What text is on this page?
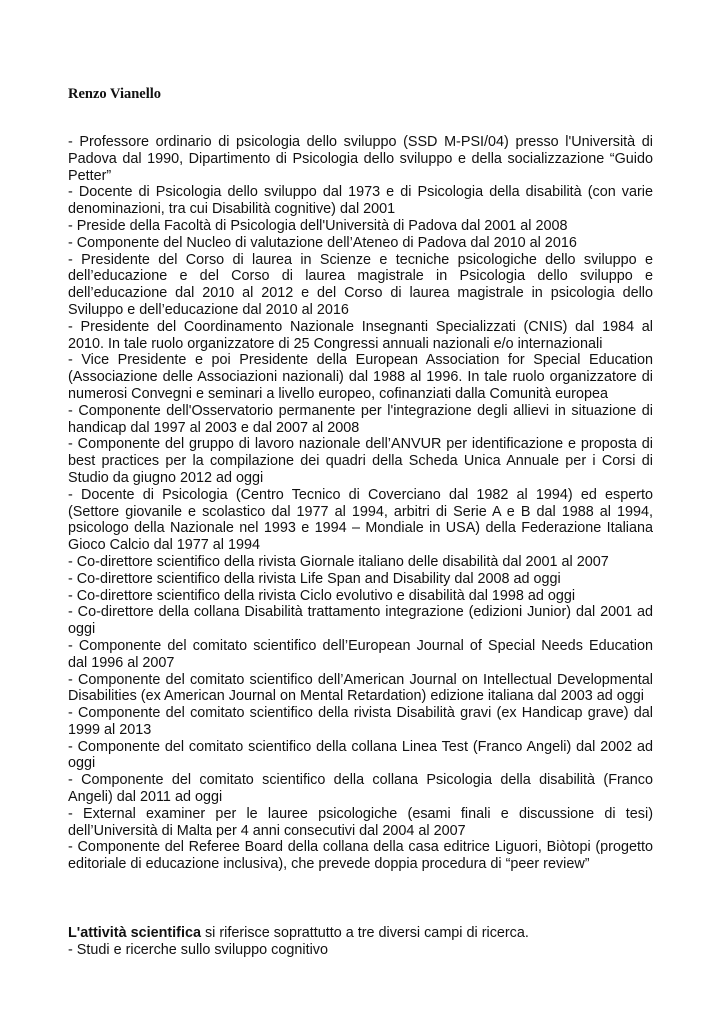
Renzo Vianello
- Professore ordinario di psicologia dello sviluppo (SSD M-PSI/04) presso l'Università di Padova dal 1990, Dipartimento di Psicologia dello sviluppo e della socializzazione “Guido Petter”
- Docente di Psicologia dello sviluppo dal 1973 e di Psicologia della disabilità (con varie denominazioni, tra cui Disabilità cognitive) dal 2001
- Preside della Facoltà di Psicologia dell'Università di Padova dal 2001 al 2008
- Componente del Nucleo di valutazione dell’Ateneo di Padova dal 2010 al 2016
- Presidente del Corso di laurea in Scienze e tecniche psicologiche dello sviluppo e dell’educazione e del Corso di laurea magistrale in Psicologia dello sviluppo e dell’educazione dal 2010 al 2012 e del Corso di laurea magistrale in psicologia dello Sviluppo e dell’educazione dal 2010 al 2016
- Presidente del Coordinamento Nazionale Insegnanti Specializzati (CNIS) dal 1984 al 2010. In tale ruolo organizzatore di 25 Congressi annuali nazionali e/o internazionali
- Vice Presidente e poi Presidente della European Association for Special Education (Associazione delle Associazioni nazionali) dal 1988 al 1996. In tale ruolo organizzatore di numerosi Convegni e seminari a livello europeo, cofinanziati dalla Comunità europea
- Componente dell'Osservatorio permanente per l'integrazione degli allievi in situazione di handicap dal 1997 al 2003 e dal 2007 al 2008
- Componente del gruppo di lavoro nazionale dell’ANVUR per identificazione e proposta di best practices per la compilazione dei quadri della Scheda Unica Annuale per i Corsi di Studio da giugno 2012 ad oggi
- Docente di Psicologia (Centro Tecnico di Coverciano dal 1982 al 1994) ed esperto (Settore giovanile e scolastico dal 1977 al 1994, arbitri di Serie A e B dal 1988 al 1994, psicologo della Nazionale nel 1993 e 1994 – Mondiale in USA) della Federazione Italiana Gioco Calcio dal 1977 al 1994
- Co-direttore scientifico della rivista Giornale italiano delle disabilità dal 2001 al 2007
- Co-direttore scientifico della rivista Life Span and Disability dal 2008 ad oggi
- Co-direttore scientifico della rivista Ciclo evolutivo e disabilità dal 1998 ad oggi
- Co-direttore della collana Disabilità trattamento integrazione (edizioni Junior) dal 2001 ad oggi
- Componente del comitato scientifico dell’European Journal of Special Needs Education dal 1996 al 2007
- Componente del comitato scientifico dell’American Journal on Intellectual Developmental Disabilities (ex American Journal on Mental Retardation) edizione italiana dal 2003 ad oggi
- Componente del comitato scientifico della rivista Disabilità gravi (ex Handicap grave) dal 1999 al 2013
- Componente del comitato scientifico della collana Linea Test (Franco Angeli) dal 2002 ad oggi
- Componente del comitato scientifico della collana Psicologia della disabilità (Franco Angeli) dal 2011 ad oggi
- External examiner per le lauree psicologiche (esami finali e discussione di tesi) dell’Università di Malta per 4 anni consecutivi dal 2004 al 2007
- Componente del Referee Board della collana della casa editrice Liguori, Biòtopi (progetto editoriale di educazione inclusiva), che prevede doppia procedura di “peer review”

L'attività scientifica si riferisce soprattutto a tre diversi campi di ricerca.

- Studi e ricerche sullo sviluppo cognitivo
